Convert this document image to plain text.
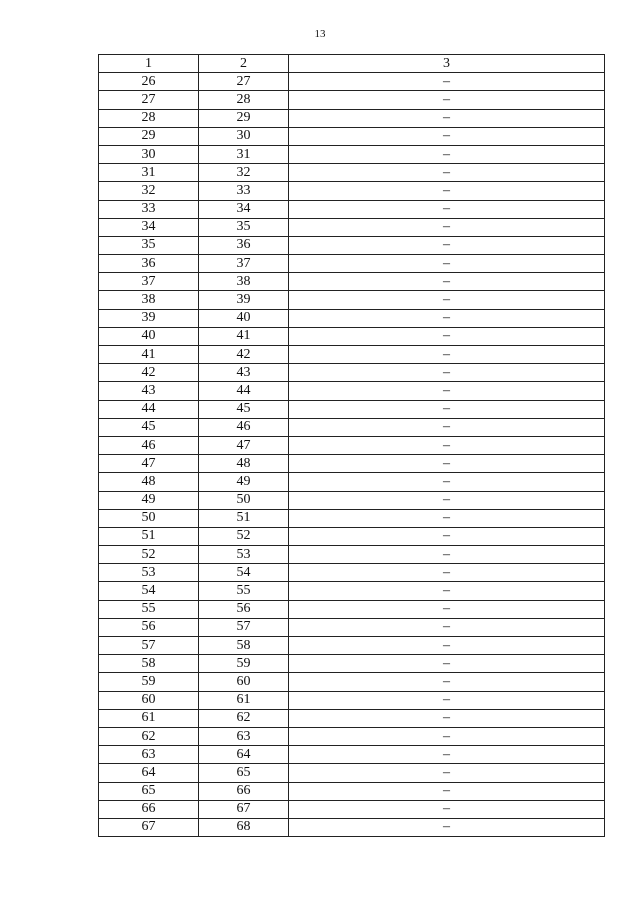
13
1	2	3
26	27	–
27	28	–
28	29	–
29	30	–
30	31	–
31	32	–
32	33	–
33	34	–
34	35	–
35	36	–
36	37	–
37	38	–
38	39	–
39	40	–
40	41	–
41	42	–
42	43	–
43	44	–
44	45	–
45	46	–
46	47	–
47	48	–
48	49	–
49	50	–
50	51	–
51	52	–
52	53	–
53	54	–
54	55	–
55	56	–
56	57	–
57	58	–
58	59	–
59	60	–
60	61	–
61	62	–
62	63	–
63	64	–
64	65	–
65	66	–
66	67	–
67	68	–
